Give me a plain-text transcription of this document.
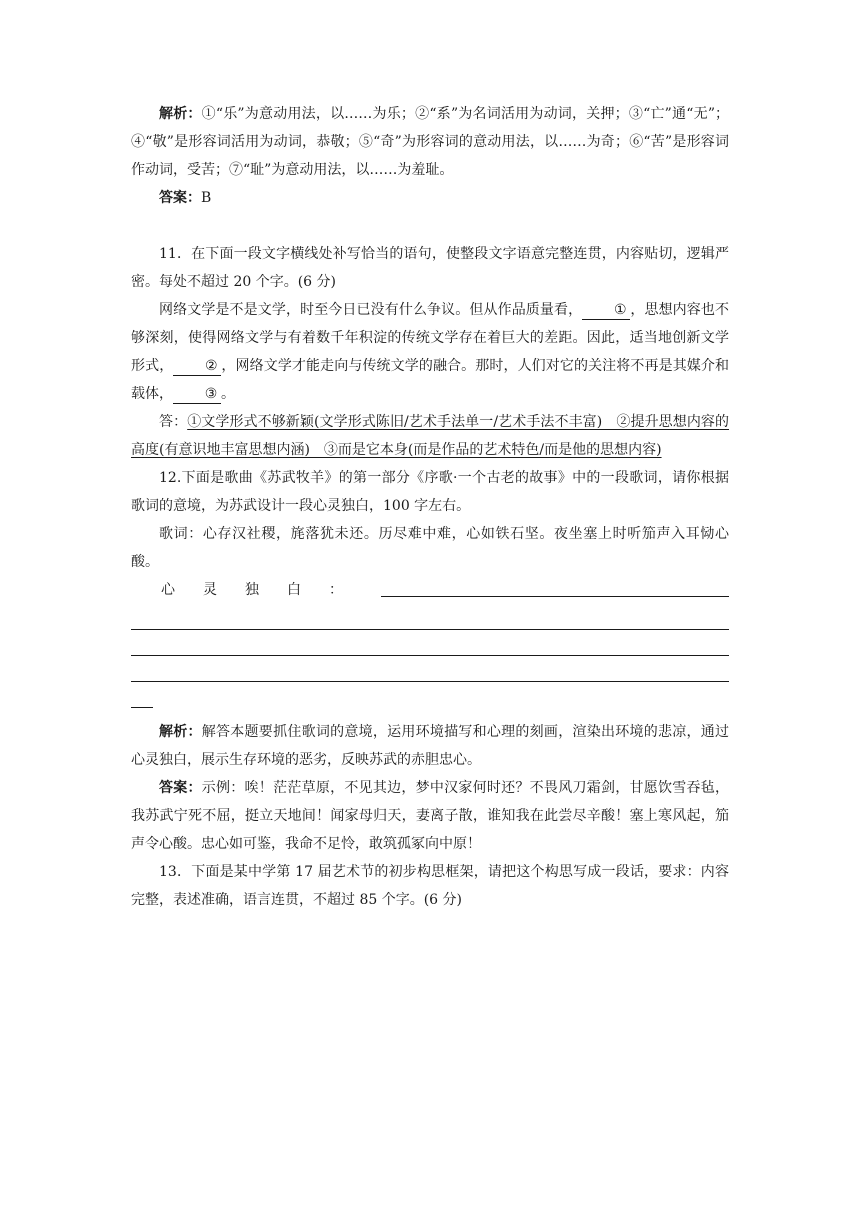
解析：①“乐”为意动用法，以……为乐；②“系”为名词活用为动词，关押；③“亡”通“无”；④“敬”是形容词活用为动词，恭敬；⑤“奇”为形容词的意动用法，以……为奇；⑥“苦”是形容词作动词，受苦；⑦“耻”为意动用法，以……为羞耻。

答案：B

11．在下面一段文字横线处补写恰当的语句，使整段文字语意完整连贯，内容贴切，逻辑严密。每处不超过 20 个字。(6 分)

网络文学是不是文学，时至今日已没有什么争议。但从作品质量看， ① ，思想内容也不够深刻，使得网络文学与有着数千年积淀的传统文学存在着巨大的差距。因此，适当地创新文学形式， ② ，网络文学才能走向与传统文学的融合。那时，人们对它的关注将不再是其媒介和载体， ③ 。

答：①文学形式不够新颖(文学形式陈旧/艺术手法单一/艺术手法不丰富)　②提升思想内容的高度(有意识地丰富思想内涵)　③而是它本身(而是作品的艺术特色/而是他的思想内容)

12.下面是歌曲《苏武牧羊》的第一部分《序歌·一个古老的故事》中的一段歌词，请你根据歌词的意境，为苏武设计一段心灵独白，100 字左右。

歌词：心存汉社稷，旄落犹未还。历尽难中难，心如铁石坚。夜坐塞上时听笳声入耳恸心酸。

心 灵 独 白 ：

解析：解答本题要抓住歌词的意境，运用环境描写和心理的刻画，渲染出环境的悲凉，通过心灵独白，展示生存环境的恶劣，反映苏武的赤胆忠心。

答案：示例：唉！茫茫草原，不见其边，梦中汉家何时还？不畏风刀霜剑，甘愿饮雪吞毡，我苏武宁死不屈，挺立天地间！闻家母归天，妻离子散，谁知我在此尝尽辛酸！塞上寒风起，笳声令心酸。忠心如可鉴，我命不足怜，敢筑孤冢向中原！

13．下面是某中学第 17 届艺术节的初步构思框架，请把这个构思写成一段话，要求：内容完整，表述准确，语言连贯，不超过 85 个字。(6 分)
